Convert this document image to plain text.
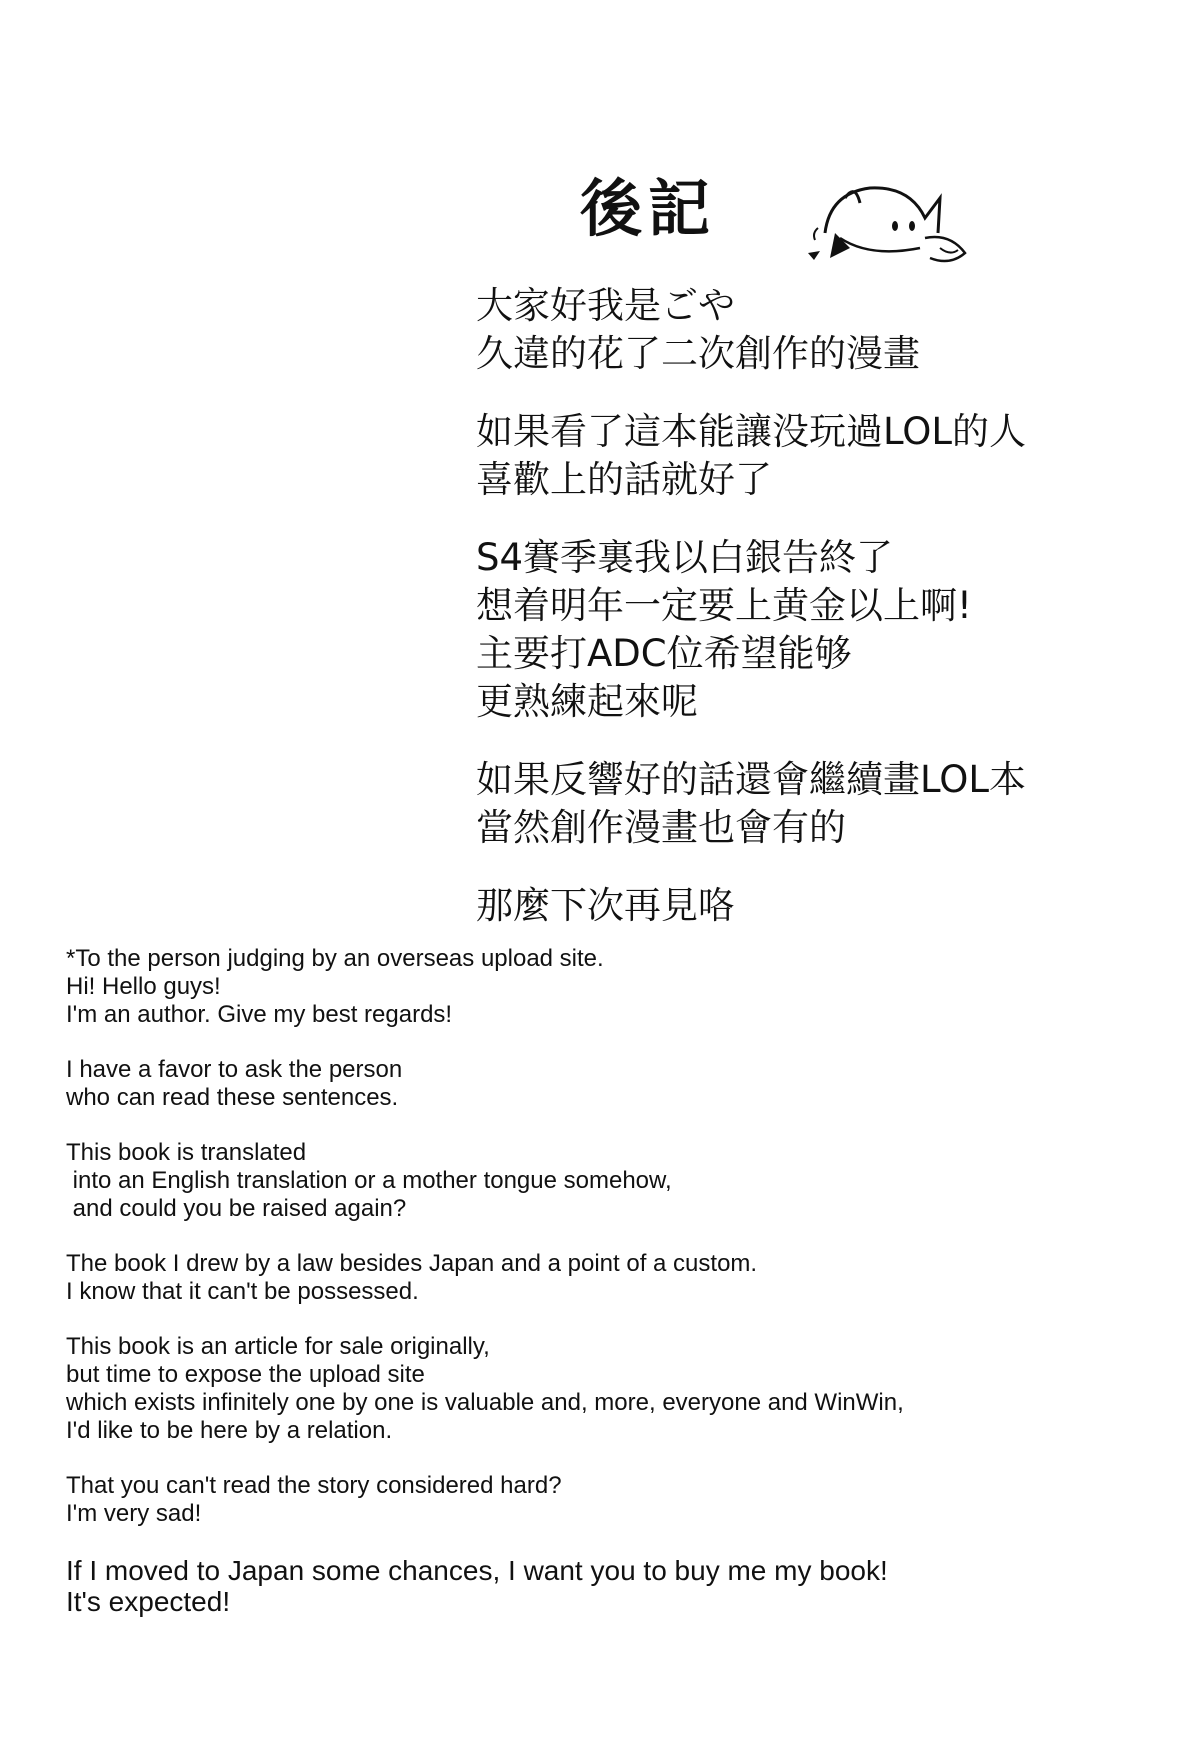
後記
大家好我是ごや
久違的花了二次創作的漫畫
如果看了這本能讓没玩過LOL的人
喜歡上的話就好了
S4賽季裏我以白銀告終了
想着明年一定要上黄金以上啊!
主要打ADC位希望能够
更熟練起來呢
如果反響好的話還會繼續畫LOL本
當然創作漫畫也會有的
那麼下次再見咯
*To the person judging by an overseas upload site.
Hi! Hello guys!
I'm an author. Give my best regards!
I have a favor to ask the person
who can read these sentences.
This book is translated
into an English translation or a mother tongue somehow,
and could you be raised again?
The book I drew by a law besides Japan and a point of a custom.
I know that it can't be possessed.
This book is an article for sale originally,
but time to expose the upload site
which exists infinitely one by one is valuable and, more, everyone and WinWin,
I'd like to be here by a relation.
That you can't read the story considered hard?
I'm very sad!
If I moved to Japan some chances, I want you to buy me my book!
It's expected!
